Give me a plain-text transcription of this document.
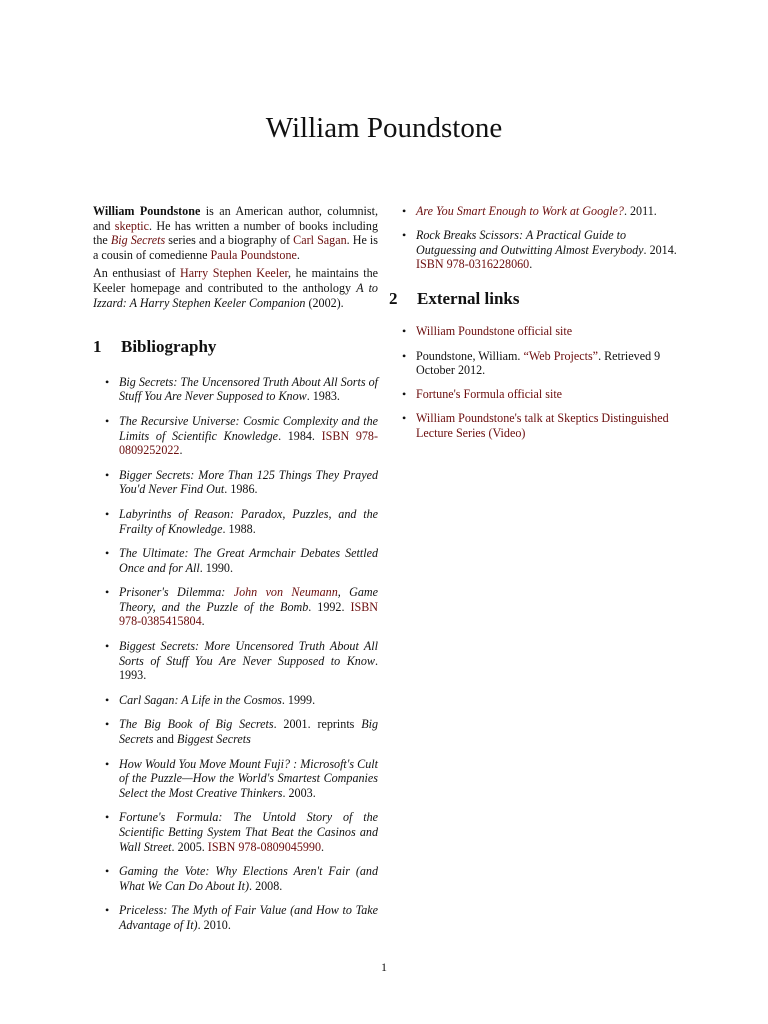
William Poundstone

William Poundstone is an American author, columnist, and skeptic. He has written a number of books including the Big Secrets series and a biography of Carl Sagan. He is a cousin of comedienne Paula Poundstone.

An enthusiast of Harry Stephen Keeler, he maintains the Keeler homepage and contributed to the anthology A to Izzard: A Harry Stephen Keeler Companion (2002).

1 Bibliography
• Big Secrets: The Uncensored Truth About All Sorts of Stuff You Are Never Supposed to Know. 1983.
• The Recursive Universe: Cosmic Complexity and the Limits of Scientific Knowledge. 1984. ISBN 978-0809252022.
• Bigger Secrets: More Than 125 Things They Prayed You'd Never Find Out. 1986.
• Labyrinths of Reason: Paradox, Puzzles, and the Frailty of Knowledge. 1988.
• The Ultimate: The Great Armchair Debates Settled Once and for All. 1990.
• Prisoner's Dilemma: John von Neumann, Game Theory, and the Puzzle of the Bomb. 1992. ISBN 978-0385415804.
• Biggest Secrets: More Uncensored Truth About All Sorts of Stuff You Are Never Supposed to Know. 1993.
• Carl Sagan: A Life in the Cosmos. 1999.
• The Big Book of Big Secrets. 2001. reprints Big Secrets and Biggest Secrets
• How Would You Move Mount Fuji? : Microsoft's Cult of the Puzzle—How the World's Smartest Companies Select the Most Creative Thinkers. 2003.
• Fortune's Formula: The Untold Story of the Scientific Betting System That Beat the Casinos and Wall Street. 2005. ISBN 978-0809045990.
• Gaming the Vote: Why Elections Aren't Fair (and What We Can Do About It). 2008.
• Priceless: The Myth of Fair Value (and How to Take Advantage of It). 2010.
• Are You Smart Enough to Work at Google?. 2011.
• Rock Breaks Scissors: A Practical Guide to Outguessing and Outwitting Almost Everybody. 2014. ISBN 978-0316228060.
2 External links
• William Poundstone official site
• Poundstone, William. “Web Projects”. Retrieved 9 October 2012.
• Fortune's Formula official site
• William Poundstone's talk at Skeptics Distinguished Lecture Series (Video)
1
